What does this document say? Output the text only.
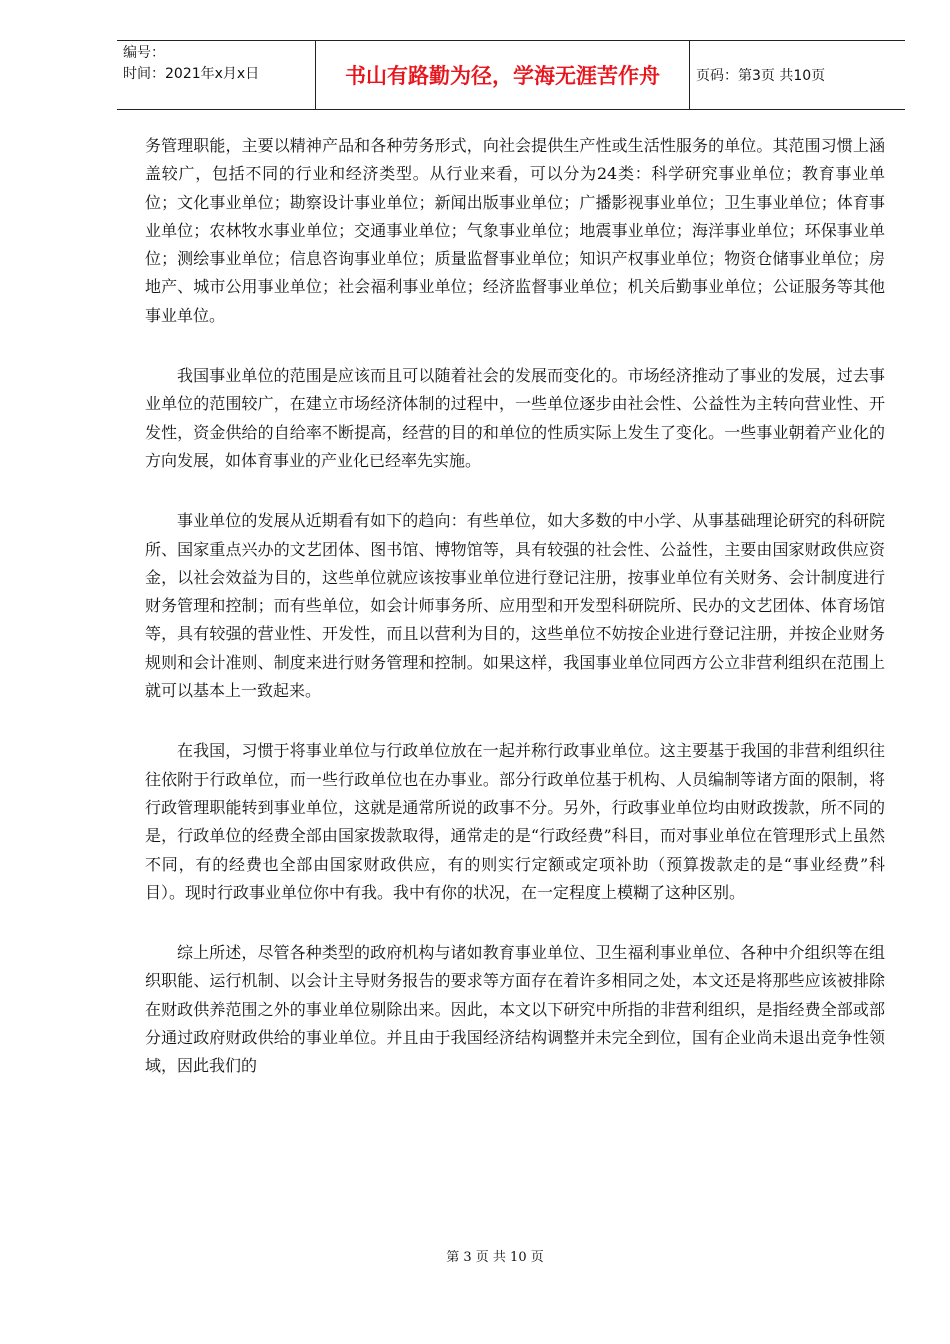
编号：
时间：2021年x月x日	书山有路勤为径，学海无涯苦作舟	页码：第3页 共10页

务管理职能，主要以精神产品和各种劳务形式，向社会提供生产性或生活性服务的单位。其范围习惯上涵盖较广，包括不同的行业和经济类型。从行业来看，可以分为24类：科学研究事业单位；教育事业单位；文化事业单位；勘察设计事业单位；新闻出版事业单位；广播影视事业单位；卫生事业单位；体育事业单位；农林牧水事业单位；交通事业单位；气象事业单位；地震事业单位；海洋事业单位；环保事业单位；测绘事业单位；信息咨询事业单位；质量监督事业单位；知识产权事业单位；物资仓储事业单位；房地产、城市公用事业单位；社会福利事业单位；经济监督事业单位；机关后勤事业单位；公证服务等其他事业单位。

我国事业单位的范围是应该而且可以随着社会的发展而变化的。市场经济推动了事业的发展，过去事业单位的范围较广，在建立市场经济体制的过程中，一些单位逐步由社会性、公益性为主转向营业性、开发性，资金供给的自给率不断提高，经营的目的和单位的性质实际上发生了变化。一些事业朝着产业化的方向发展，如体育事业的产业化已经率先实施。

事业单位的发展从近期看有如下的趋向：有些单位，如大多数的中小学、从事基础理论研究的科研院所、国家重点兴办的文艺团体、图书馆、博物馆等，具有较强的社会性、公益性，主要由国家财政供应资金，以社会效益为目的，这些单位就应该按事业单位进行登记注册，按事业单位有关财务、会计制度进行财务管理和控制；而有些单位，如会计师事务所、应用型和开发型科研院所、民办的文艺团体、体育场馆等，具有较强的营业性、开发性，而且以营利为目的，这些单位不妨按企业进行登记注册，并按企业财务规则和会计准则、制度来进行财务管理和控制。如果这样，我国事业单位同西方公立非营利组织在范围上就可以基本上一致起来。

在我国，习惯于将事业单位与行政单位放在一起并称行政事业单位。这主要基于我国的非营利组织往往依附于行政单位，而一些行政单位也在办事业。部分行政单位基于机构、人员编制等诸方面的限制，将行政管理职能转到事业单位，这就是通常所说的政事不分。另外，行政事业单位均由财政拨款，所不同的是，行政单位的经费全部由国家拨款取得，通常走的是“行政经费”科目，而对事业单位在管理形式上虽然不同，有的经费也全部由国家财政供应，有的则实行定额或定项补助（预算拨款走的是“事业经费”科目）。现时行政事业单位你中有我。我中有你的状况，在一定程度上模糊了这种区别。

综上所述，尽管各种类型的政府机构与诸如教育事业单位、卫生福利事业单位、各种中介组织等在组织职能、运行机制、以会计主导财务报告的要求等方面存在着许多相同之处，本文还是将那些应该被排除在财政供养范围之外的事业单位剔除出来。因此，本文以下研究中所指的非营利组织，是指经费全部或部分通过政府财政供给的事业单位。并且由于我国经济结构调整并未完全到位，国有企业尚未退出竞争性领域，因此我们的

第 3 页 共 10 页
